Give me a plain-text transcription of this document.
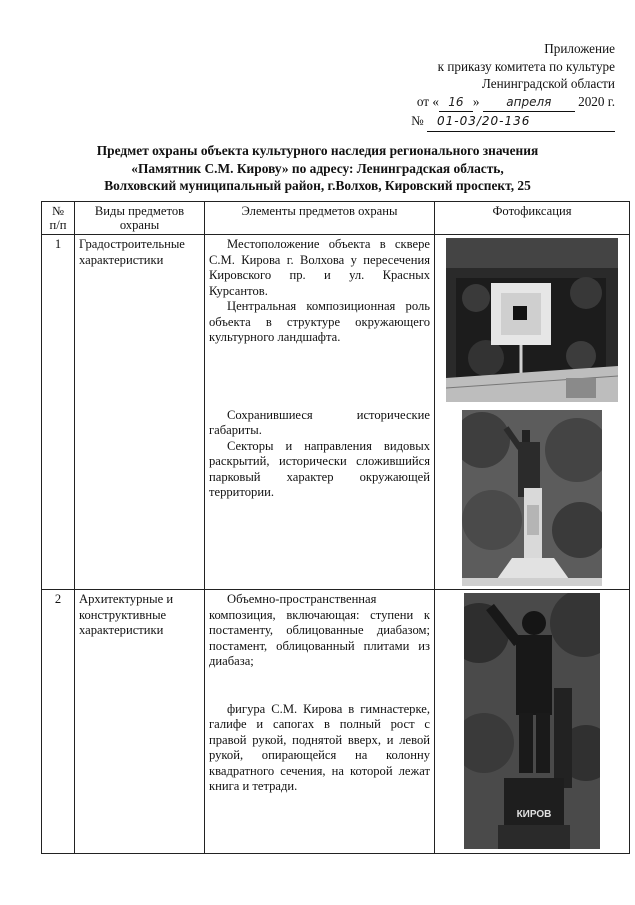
Приложение
к приказу комитета по культуре
Ленинградской области
от « 16 » апреля 2020 г.
№ 01-03/20-136
Предмет охраны объекта культурного наследия регионального значения
«Памятник С.М. Кирову» по адресу: Ленинградская область,
Волховский муниципальный район, г.Волхов, Кировский проспект, 25
№ п/п	Виды предметов охраны	Элементы предметов охраны	Фотофиксация
1	Градостроительные характеристики	Местоположение объекта в сквере С.М. Кирова г. Волхова у пересечения Кировского пр. и ул. Красных Курсантов.

Центральная композиционная роль объекта в структуре окружающего культурного ландшафта.

Сохранившиеся исторические габариты.

Секторы и направления видовых раскрытий, исторически сложившийся парковый характер окружающей территории.

2	Архитектурные и конструктивные характеристики	Объемно-пространственная композиция, включающая: ступени к постаменту, облицованные диабазом; постамент, облицованный плитами из диабаза;

фигура С.М. Кирова в гимнастерке, галифе и сапогах в полный рост с правой рукой, поднятой вверх, и левой рукой, опирающейся на колонну квадратного сечения, на которой лежат книга и тетради.	КИРОВ
